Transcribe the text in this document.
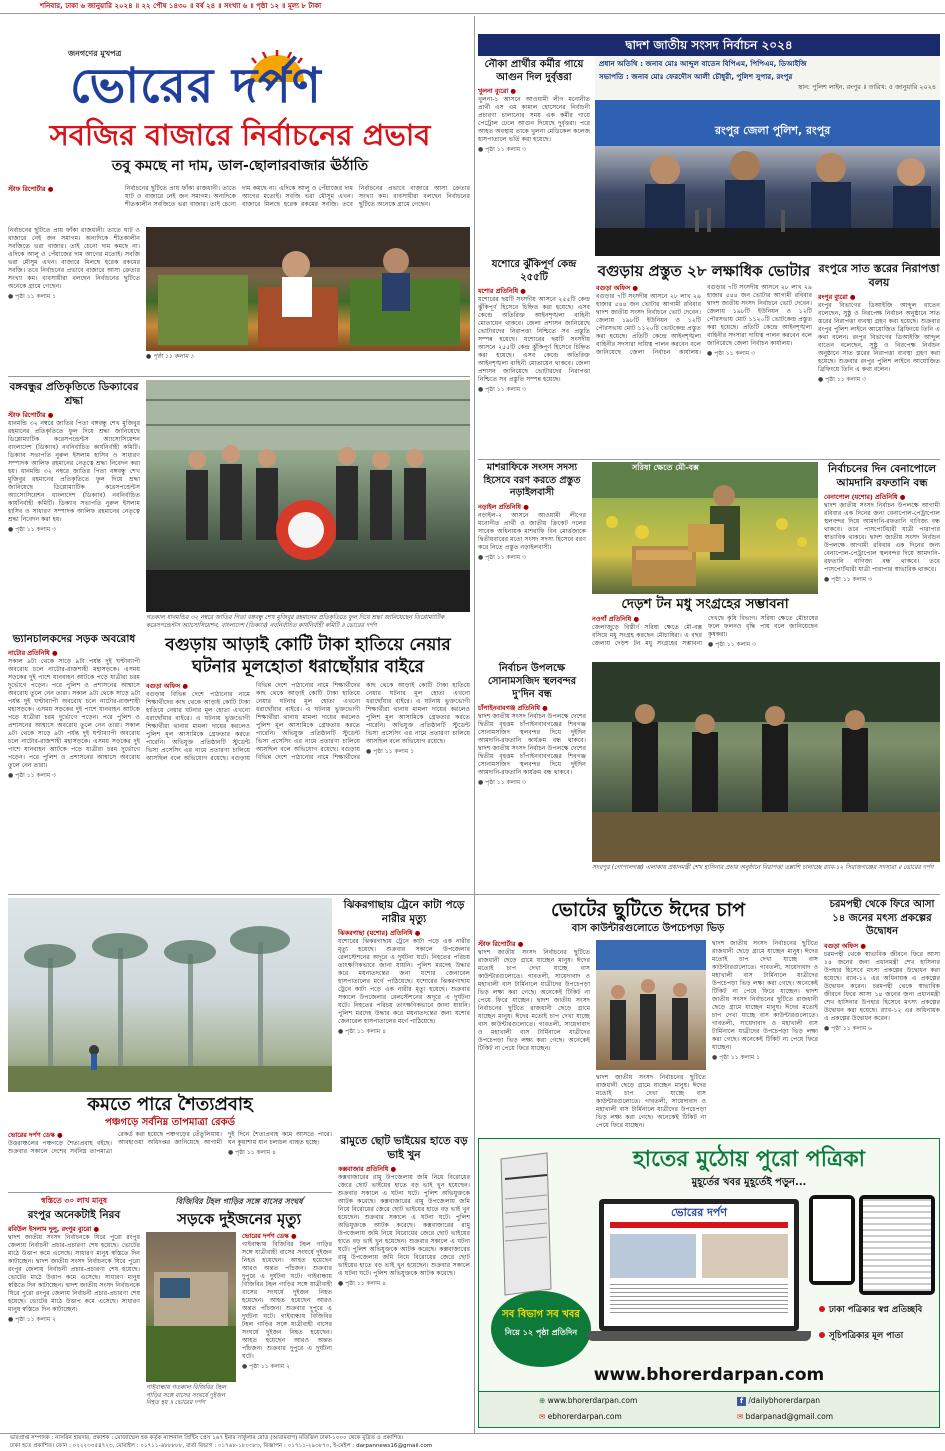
শনিবার, ঢাকা ৬ জানুয়ারি ২০২৪ ॥ ২২ পৌষ ১৪৩০ ॥ বর্ষ ২৪ ॥ সংখ্যা ৬ ॥ পৃষ্ঠা ১২ ॥ মূল্য ৮ টাকা
জনগণের মুখপত্র
ভোরের দর্পণ
সবজির বাজারে নির্বাচনের প্রভাব
তবু কমছে না দাম, ডাল-ছোলারবাজার ঊর্ঠাতি
স্টাফ রিপোর্টার ●	নির্বাচনের ছুটিতে প্রায় ফাঁকা রাজধানী। তাতে ঘাট ও বাজারে নেই জন সমাগম। অন্যদিকে শীতকালীন সবজিতে ভরা বাজার। তাই চেনো দাম কমছে না। এদিকে আলু ও পেঁয়াজের দাম আগের মতোই। সবজি ভরা মৌসুম এখন। বাজারে মিলছে হরেক রকমের সবজি। তবে নির্বাচনের প্রভাবে বাজারে আসা ক্রেতার সংখ্যা কম। ব্যবসায়ীরা বলছেন নির্বাচনের ছুটিতে অনেকে গ্রামে গেছেন।
নির্বাচনের ছুটিতে প্রায় ফাঁকা রাজধানী। তাতে ঘাট ও বাজারে নেই জন সমাগম। অন্যদিকে শীতকালীন সবজিতে ভরা বাজার। তাই চেনো দাম কমছে না। এদিকে আলু ও পেঁয়াজের দাম আগের মতোই। সবজি ভরা মৌসুম এখন। বাজারে মিলছে হরেক রকমের সবজি। তবে নির্বাচনের প্রভাবে বাজারে আসা ক্রেতার সংখ্যা কম। ব্যবসায়ীরা বলছেন নির্বাচনের ছুটিতে অনেকে গ্রামে গেছেন।
● পৃষ্ঠা ১১ কলাম ১
● পৃষ্ঠা ১১ কলাম ১
দ্বাদশ জাতীয় সংসদ নির্বাচন ২০২৪
প্রধান অতিথি : জনাব মোঃ আব্দুল বাতেন বিপিএম, পিপিএম, ডিআইজি
সভাপতি : জনাব মোঃ ফেরদৌস আলী চৌধুরী, পুলিশ সুপার, রংপুর
স্থান: পুলিশ লাইন, রংপুর ॥ তারিখ: ৫ জানুয়ারি ২০২৪
রংপুর জেলা পুলিশ, রংপুর
নৌকা প্রার্থীর কর্মীর গায়ে আগুন দিল দুর্বৃত্তরা
খুলনা ব্যুরো ●
খুলনা-১ আসনে আওয়ামী লীগ মনোনীত প্রার্থী এস এম কামাল হোসেনের নির্বাচনী প্রচারণা চালানোর সময় এক কর্মীর গায়ে পেট্রোল ঢেলে আগুন দিয়েছে দুর্বৃত্তরা। পরে আহত অবস্থায় তাকে খুলনা মেডিকেল কলেজ হাসপাতালে ভর্তি করা হয়েছে।
● পৃষ্ঠা ১১ কলাম ৩
যশোরে ঝুঁকিপূর্ণ কেন্দ্র ২৫৫টি
যশোর প্রতিনিধি ●
যশোরের ছয়টি সংসদীয় আসনে ২৫৫টি কেন্দ্র ঝুঁকিপূর্ণ হিসেবে চিহ্নিত করা হয়েছে। এসব কেন্দ্রে অতিরিক্ত আইনশৃঙ্খলা বাহিনী মোতায়েন থাকবে। জেলা প্রশাসন জানিয়েছে ভোটারদের নিরাপত্তা নিশ্চিতে সব প্রস্তুতি সম্পন্ন হয়েছে। যশোরের ছয়টি সংসদীয় আসনে ২৫৫টি কেন্দ্র ঝুঁকিপূর্ণ হিসেবে চিহ্নিত করা হয়েছে। এসব কেন্দ্রে অতিরিক্ত আইনশৃঙ্খলা বাহিনী মোতায়েন থাকবে। জেলা প্রশাসন জানিয়েছে ভোটারদের নিরাপত্তা নিশ্চিতে সব প্রস্তুতি সম্পন্ন হয়েছে।
● পৃষ্ঠা ১১ কলাম ৩
বগুড়ায় প্রস্তুত ২৮ লক্ষাধিক ভোটার
বগুড়া অফিস ●
বগুড়ার ৭টি সংসদীয় আসনে ২৮ লাখ ২৯ হাজার ৫৪৪ জন ভোটার আগামী রবিবার দ্বাদশ জাতীয় সংসদ নির্বাচনে ভোট দেবেন। জেলায় ১৯৮টি ইউনিয়ন ও ১২টি পৌরসভায় মোট ১১২০টি ভোটকেন্দ্র প্রস্তুত করা হয়েছে। প্রতিটি কেন্দ্রে আইনশৃঙ্খলা বাহিনীর সদস্যরা দায়িত্ব পালন করবেন বলে জানিয়েছে জেলা নির্বাচন কার্যালয়। বগুড়ার ৭টি সংসদীয় আসনে ২৮ লাখ ২৯ হাজার ৫৪৪ জন ভোটার আগামী রবিবার দ্বাদশ জাতীয় সংসদ নির্বাচনে ভোট দেবেন। জেলায় ১৯৮টি ইউনিয়ন ও ১২টি পৌরসভায় মোট ১১২০টি ভোটকেন্দ্র প্রস্তুত করা হয়েছে। প্রতিটি কেন্দ্রে আইনশৃঙ্খলা বাহিনীর সদস্যরা দায়িত্ব পালন করবেন বলে জানিয়েছে জেলা নির্বাচন কার্যালয়।
● পৃষ্ঠা ১১ কলাম ৩
রংপুরে সাত স্তরের নিরাপত্তা বলয়
রংপুর ব্যুরো ●
রংপুর বিভাগের ডিআইজি আব্দুল বাতেন বলেছেন, সুষ্ঠু ও নিরপেক্ষ নির্বাচন অনুষ্ঠানে সাত স্তরের নিরাপত্তা ব্যবস্থা গ্রহণ করা হয়েছে। শুক্রবার রংপুর পুলিশ লাইনে আয়োজিত ব্রিফিংয়ে তিনি এ কথা বলেন। রংপুর বিভাগের ডিআইজি আব্দুল বাতেন বলেছেন, সুষ্ঠু ও নিরপেক্ষ নির্বাচন অনুষ্ঠানে সাত স্তরের নিরাপত্তা ব্যবস্থা গ্রহণ করা হয়েছে। শুক্রবার রংপুর পুলিশ লাইনে আয়োজিত ব্রিফিংয়ে তিনি এ কথা বলেন।
● পৃষ্ঠা ১১ কলাম ৩
বঙ্গবন্ধুর প্রতিকৃতিতে ডিক্যাবের শ্রদ্ধা
স্টাফ রিপোর্টার ●
ধানমন্ডি ৩২ নম্বরে জাতির পিতা বঙ্গবন্ধু শেখ মুজিবুর রহমানের প্রতিকৃতিতে ফুল দিয়ে শ্রদ্ধা জানিয়েছে ডিপ্লোম্যাটিক করেসপন্ডেন্টস অ্যাসোসিয়েশন বাংলাদেশ (ডিক্যাব) নবনির্বাচিত কার্যনির্বাহী কমিটি। ডিক্যাব সভাপতি নুরুল ইসলাম হাসিব ও সাধারণ সম্পাদক আলিফ রহমানের নেতৃত্বে শ্রদ্ধা নিবেদন করা হয়। ধানমন্ডি ৩২ নম্বরে জাতির পিতা বঙ্গবন্ধু শেখ মুজিবুর রহমানের প্রতিকৃতিতে ফুল দিয়ে শ্রদ্ধা জানিয়েছে ডিপ্লোম্যাটিক করেসপন্ডেন্টস অ্যাসোসিয়েশন বাংলাদেশ (ডিক্যাব) নবনির্বাচিত কার্যনির্বাহী কমিটি। ডিক্যাব সভাপতি নুরুল ইসলাম হাসিব ও সাধারণ সম্পাদক আলিফ রহমানের নেতৃত্বে শ্রদ্ধা নিবেদন করা হয়।
● পৃষ্ঠা ১১ কলাম ৩
গতকাল ধানমন্ডির ৩২ নম্বরে জাতির পিতা বঙ্গবন্ধু শেখ মুজিবুর রহমানের প্রতিকৃতিতে ফুল দিয়ে শ্রদ্ধা জানিয়েছেন ডিপ্লোম্যাটিক করেসপন্ডেন্টস অ্যাসোসিয়েশন, বাংলাদেশ (ডিক্যাব) নবনির্বাচিত কার্যনির্বাহী কমিটি ॥ ভোরের দর্পণ
ভ্যানচালকদের সড়ক অবরোধ
নাটোর প্রতিনিধি ●
সকাল ৯টা থেকে সাড়ে ৯টা পর্যন্ত দুই ঘণ্টাব্যাপী অবরোধ চলে নাটোর-রাজশাহী মহাসড়কে। এসময় সড়কের দুই পাশে যানবাহন আটকে পড়ে যাত্রীরা চরম দুর্ভোগে পড়েন। পরে পুলিশ ও প্রশাসনের আশ্বাসে অবরোধ তুলে নেন তারা। সকাল ৯টা থেকে সাড়ে ৯টা পর্যন্ত দুই ঘণ্টাব্যাপী অবরোধ চলে নাটোর-রাজশাহী মহাসড়কে। এসময় সড়কের দুই পাশে যানবাহন আটকে পড়ে যাত্রীরা চরম দুর্ভোগে পড়েন। পরে পুলিশ ও প্রশাসনের আশ্বাসে অবরোধ তুলে নেন তারা। সকাল ৯টা থেকে সাড়ে ৯টা পর্যন্ত দুই ঘণ্টাব্যাপী অবরোধ চলে নাটোর-রাজশাহী মহাসড়কে। এসময় সড়কের দুই পাশে যানবাহন আটকে পড়ে যাত্রীরা চরম দুর্ভোগে পড়েন। পরে পুলিশ ও প্রশাসনের আশ্বাসে অবরোধ তুলে নেন তারা।
● পৃষ্ঠা ১১ কলাম ৩
বগুড়ায় আড়াই কোটি টাকা হাতিয়ে নেয়ার ঘটনার মূলহোতা ধরাছোঁয়ার বাইরে
বগুড়া অফিস ●
বগুড়ায় বিভিন্ন দেশে পাঠানোর নামে শিক্ষার্থীদের কাছ থেকে আড়াই কোটি টাকা হাতিয়ে নেয়ার ঘটনার মূল হোতা এখনো ধরাছোঁয়ার বাইরে। এ ঘটনায় ভুক্তভোগী শিক্ষার্থীরা থানায় মামলা দায়ের করলেও পুলিশ মূল আসামিকে গ্রেফতার করতে পারেনি। অভিযুক্ত প্রতিষ্ঠানটি স্টুডেন্ট ভিসা প্রসেসিং এর নামে প্রতারণা চালিয়ে আসছিল বলে অভিযোগ রয়েছে। বগুড়ায় বিভিন্ন দেশে পাঠানোর নামে শিক্ষার্থীদের কাছ থেকে আড়াই কোটি টাকা হাতিয়ে নেয়ার ঘটনার মূল হোতা এখনো ধরাছোঁয়ার বাইরে। এ ঘটনায় ভুক্তভোগী শিক্ষার্থীরা থানায় মামলা দায়ের করলেও পুলিশ মূল আসামিকে গ্রেফতার করতে পারেনি। অভিযুক্ত প্রতিষ্ঠানটি স্টুডেন্ট ভিসা প্রসেসিং এর নামে প্রতারণা চালিয়ে আসছিল বলে অভিযোগ রয়েছে। বগুড়ায় বিভিন্ন দেশে পাঠানোর নামে শিক্ষার্থীদের কাছ থেকে আড়াই কোটি টাকা হাতিয়ে নেয়ার ঘটনার মূল হোতা এখনো ধরাছোঁয়ার বাইরে। এ ঘটনায় ভুক্তভোগী শিক্ষার্থীরা থানায় মামলা দায়ের করলেও পুলিশ মূল আসামিকে গ্রেফতার করতে পারেনি। অভিযুক্ত প্রতিষ্ঠানটি স্টুডেন্ট ভিসা প্রসেসিং এর নামে প্রতারণা চালিয়ে আসছিল বলে অভিযোগ রয়েছে।
● পৃষ্ঠা ১১ কলাম ১
মাশরাফিকে সংসদ সদস্য হিসেবে বরণ করতে প্রস্তুত নড়াইলবাসী
নড়াইল প্রতিনিধি ●
নড়াইল-২ আসনে আওয়ামী লীগের মনোনীত প্রার্থী ও জাতীয় ক্রিকেট দলের সাবেক অধিনায়ক মাশরাফি বিন মোর্ত্তজাকে দ্বিতীয়বারের মতো সংসদ সদস্য হিসেবে বরণ করে নিতে প্রস্তুত নড়াইলবাসী।
● পৃষ্ঠা ১১ কলাম ৩
সরিষা ক্ষেতে মৌ-বক্স
দেড়শ টন মধু সংগ্রহের সম্ভাবনা
নওগাঁ প্রতিনিধি ●
জেলাজুড়ে বিস্তীর্ণ সরিষা ক্ষেতে মৌ-বক্স বসিয়ে মধু সংগ্রহ করছেন মৌচাষিরা। এ বছর জেলায় দেড়শ টন মধু সংগ্রহের সম্ভাবনা দেখছে কৃষি বিভাগ। সরিষা ক্ষেতে মৌচাষের ফলে ফলনও বৃদ্ধি পায় বলে জানিয়েছেন কৃষকরা।
● পৃষ্ঠা ১১ কলাম ৩
নির্বাচনের দিন বেনাপোলে আমদানি রফতানি বন্ধ
বেনাপোল (যশোর) প্রতিনিধি ●
দ্বাদশ জাতীয় সংসদ নির্বাচন উপলক্ষে আগামী রবিবার এক দিনের জন্য বেনাপোল-পেট্রাপোল স্থলবন্দর দিয়ে আমদানি-রফতানি বাণিজ্য বন্ধ থাকবে। তবে পাসপোর্টধারী যাত্রী পারাপার স্বাভাবিক থাকবে। দ্বাদশ জাতীয় সংসদ নির্বাচন উপলক্ষে আগামী রবিবার এক দিনের জন্য বেনাপোল-পেট্রাপোল স্থলবন্দর দিয়ে আমদানি-রফতানি বাণিজ্য বন্ধ থাকবে। তবে পাসপোর্টধারী যাত্রী পারাপার স্বাভাবিক থাকবে।
● পৃষ্ঠা ১১ কলাম ৩
নির্বাচন উপলক্ষে সোনামসজিদ স্থলবন্দর দু'দিন বন্ধ
চাঁপাইনবাবগঞ্জ প্রতিনিধি ●
দ্বাদশ জাতীয় সংসদ নির্বাচন উপলক্ষে দেশের দ্বিতীয় বৃহত্তম চাঁপাইনবাবগঞ্জের শিবগঞ্জ সোনামসজিদ স্থলবন্দর দিয়ে দুইদিন আমদানি-রফতানি কার্যক্রম বন্ধ থাকবে। দ্বাদশ জাতীয় সংসদ নির্বাচন উপলক্ষে দেশের দ্বিতীয় বৃহত্তম চাঁপাইনবাবগঞ্জের শিবগঞ্জ সোনামসজিদ স্থলবন্দর দিয়ে দুইদিন আমদানি-রফতানি কার্যক্রম বন্ধ থাকবে।
● পৃষ্ঠা ১১ কলাম ৩
সদরপুর (গোপালগঞ্জ) এলাকায় প্রধানমন্ত্রী শেখ হাসিনার প্রচার অনুষ্ঠানে নিরাপত্তা তল্লাশি চালাচ্ছে র‍্যাব-১২ সিরাজগঞ্জের সদস্যরা ॥ ভোরের দর্পণ
কমতে পারে শৈত্যপ্রবাহ
পঞ্চগড়ে সর্বনিম্ন তাপমাত্রা রেকর্ড
ভোরের দর্পণ ডেস্ক ●
উত্তরাঞ্চলের পঞ্চগড়ে শৈত্যপ্রবাহ বইছে। শুক্রবার সকালে দেশের সর্বনিম্ন তাপমাত্রা রেকর্ড করা হয়েছে পঞ্চগড়ের তেঁতুলিয়ায়। আবহাওয়া অধিদপ্তর জানিয়েছে আগামী দুই দিনে শৈত্যপ্রবাহ কমে আসতে পারে। ঘন কুয়াশায় যান চলাচল ব্যাহত হচ্ছে।
● পৃষ্ঠা ১১ কলাম ৪
ঝিকরগাছায় ট্রেনে কাটা পড়ে নারীর মৃত্যু
ঝিকরগাছা (যশোর) প্রতিনিধি ●
যশোরের ঝিকরগাছায় ট্রেনে কাটা পড়ে এক নারীর মৃত্যু হয়েছে। শুক্রবার সকালে উপজেলার রেলস্টেশনের অদূরে এ দুর্ঘটনা ঘটে। নিহতের পরিচয় তাৎক্ষণিকভাবে জানা যায়নি। পুলিশ মরদেহ উদ্ধার করে ময়নাতদন্তের জন্য যশোর জেনারেল হাসপাতালের মর্গে পাঠিয়েছে। যশোরের ঝিকরগাছায় ট্রেনে কাটা পড়ে এক নারীর মৃত্যু হয়েছে। শুক্রবার সকালে উপজেলার রেলস্টেশনের অদূরে এ দুর্ঘটনা ঘটে। নিহতের পরিচয় তাৎক্ষণিকভাবে জানা যায়নি। পুলিশ মরদেহ উদ্ধার করে ময়নাতদন্তের জন্য যশোর জেনারেল হাসপাতালের মর্গে পাঠিয়েছে।
● পৃষ্ঠা ১১ কলাম ৪
ভোটের ছুটিতে ঈদের চাপ
বাস কাউন্টারগুলোতে উপচেপড়া ভিড়
স্টাফ রিপোর্টার ●
দ্বাদশ জাতীয় সংসদ নির্বাচনের ছুটিতে রাজধানী ছেড়ে গ্রামে যাচ্ছেন মানুষ। ঈদের মতোই চাপ দেখা যাচ্ছে বাস কাউন্টারগুলোতে। গাবতলী, সায়েদাবাদ ও মহাখালী বাস টার্মিনালে যাত্রীদের উপচেপড়া ভিড় লক্ষ্য করা গেছে। অনেকেই টিকিট না পেয়ে ফিরে যাচ্ছেন। দ্বাদশ জাতীয় সংসদ নির্বাচনের ছুটিতে রাজধানী ছেড়ে গ্রামে যাচ্ছেন মানুষ। ঈদের মতোই চাপ দেখা যাচ্ছে বাস কাউন্টারগুলোতে। গাবতলী, সায়েদাবাদ ও মহাখালী বাস টার্মিনালে যাত্রীদের উপচেপড়া ভিড় লক্ষ্য করা গেছে। অনেকেই টিকিট না পেয়ে ফিরে যাচ্ছেন।
দ্বাদশ জাতীয় সংসদ নির্বাচনের ছুটিতে রাজধানী ছেড়ে গ্রামে যাচ্ছেন মানুষ। ঈদের মতোই চাপ দেখা যাচ্ছে বাস কাউন্টারগুলোতে। গাবতলী, সায়েদাবাদ ও মহাখালী বাস টার্মিনালে যাত্রীদের উপচেপড়া ভিড় লক্ষ্য করা গেছে। অনেকেই টিকিট না পেয়ে ফিরে যাচ্ছেন। দ্বাদশ জাতীয় সংসদ নির্বাচনের ছুটিতে রাজধানী ছেড়ে গ্রামে যাচ্ছেন মানুষ। ঈদের মতোই চাপ দেখা যাচ্ছে বাস কাউন্টারগুলোতে। গাবতলী, সায়েদাবাদ ও মহাখালী বাস টার্মিনালে যাত্রীদের উপচেপড়া ভিড় লক্ষ্য করা গেছে। অনেকেই টিকিট না পেয়ে ফিরে যাচ্ছেন।
● পৃষ্ঠা ১১ কলাম ১
দ্বাদশ জাতীয় সংসদ নির্বাচনের ছুটিতে রাজধানী ছেড়ে গ্রামে যাচ্ছেন মানুষ। ঈদের মতোই চাপ দেখা যাচ্ছে বাস কাউন্টারগুলোতে। গাবতলী, সায়েদাবাদ ও মহাখালী বাস টার্মিনালে যাত্রীদের উপচেপড়া ভিড় লক্ষ্য করা গেছে। অনেকেই টিকিট না পেয়ে ফিরে যাচ্ছেন।
চরমপন্থী থেকে ফিরে আসা ১৪ জনের মৎস্য প্রকল্পের উদ্বোধন
বগুড়া অফিস ●
চরমপন্থী থেকে স্বাভাবিক জীবনে ফিরে আসা ১৪ জনের জন্য প্রধানমন্ত্রী শেখ হাসিনার উপহার হিসেবে মৎস্য প্রকল্পের উদ্বোধন করা হয়েছে। র‍্যাব-১২ এর অধিনায়ক এ প্রকল্পের উদ্বোধন করেন। চরমপন্থী থেকে স্বাভাবিক জীবনে ফিরে আসা ১৪ জনের জন্য প্রধানমন্ত্রী শেখ হাসিনার উপহার হিসেবে মৎস্য প্রকল্পের উদ্বোধন করা হয়েছে। র‍্যাব-১২ এর অধিনায়ক এ প্রকল্পের উদ্বোধন করেন।
● পৃষ্ঠা ১১ কলাম ৬
স্বস্তিতে ৩০ লাখ মানুষ
রংপুর অনেকটাই নিরব
রবিউল ইসলাম দুলু, রংপুর ব্যুরো ●
দ্বাদশ জাতীয় সংসদ নির্বাচনকে ঘিরে পুরো রংপুর জেলায় নির্বাচনী প্রচার-প্রচারণা শেষ হয়েছে। ভোটের মাঠে উত্তাপ কমে এসেছে। সাধারণ মানুষ স্বস্তিতে দিন কাটাচ্ছেন। দ্বাদশ জাতীয় সংসদ নির্বাচনকে ঘিরে পুরো রংপুর জেলায় নির্বাচনী প্রচার-প্রচারণা শেষ হয়েছে। ভোটের মাঠে উত্তাপ কমে এসেছে। সাধারণ মানুষ স্বস্তিতে দিন কাটাচ্ছেন। দ্বাদশ জাতীয় সংসদ নির্বাচনকে ঘিরে পুরো রংপুর জেলায় নির্বাচনী প্রচার-প্রচারণা শেষ হয়েছে। ভোটের মাঠে উত্তাপ কমে এসেছে। সাধারণ মানুষ স্বস্তিতে দিন কাটাচ্ছেন।
● পৃষ্ঠা ১১ কলাম ২
বিজিবির টহল গাড়ির সঙ্গে বাসের সংঘর্ষ
সড়কে দুইজনের মৃত্যু
গাইবান্ধায় গতকাল বিজিবির টহল গাড়ির সঙ্গে বাসের সংঘর্ষে দুইজন নিহত হয় ॥ ভোরের দর্পণ
ভোরের দর্পণ ডেস্ক ●
গাইবান্ধায় বিজিবির টহল গাড়ির সঙ্গে যাত্রীবাহী বাসের সংঘর্ষে দুইজন নিহত হয়েছেন। আহত হয়েছেন আরও অন্তত পাঁচজন। শুক্রবার দুপুরে এ দুর্ঘটনা ঘটে। গাইবান্ধায় বিজিবির টহল গাড়ির সঙ্গে যাত্রীবাহী বাসের সংঘর্ষে দুইজন নিহত হয়েছেন। আহত হয়েছেন আরও অন্তত পাঁচজন। শুক্রবার দুপুরে এ দুর্ঘটনা ঘটে। গাইবান্ধায় বিজিবির টহল গাড়ির সঙ্গে যাত্রীবাহী বাসের সংঘর্ষে দুইজন নিহত হয়েছেন। আহত হয়েছেন আরও অন্তত পাঁচজন। শুক্রবার দুপুরে এ দুর্ঘটনা ঘটে।
● পৃষ্ঠা ১১ কলাম ২
রামুতে ছোট ভাইয়ের হাতে বড় ভাই খুন
কক্সবাজার প্রতিনিধি ●
কক্সবাজারের রামু উপজেলায় জমি নিয়ে বিরোধের জেরে ছোট ভাইয়ের হাতে বড় ভাই খুন হয়েছেন। শুক্রবার সকালে এ ঘটনা ঘটে। পুলিশ অভিযুক্তকে আটক করেছে। কক্সবাজারের রামু উপজেলায় জমি নিয়ে বিরোধের জেরে ছোট ভাইয়ের হাতে বড় ভাই খুন হয়েছেন। শুক্রবার সকালে এ ঘটনা ঘটে। পুলিশ অভিযুক্তকে আটক করেছে। কক্সবাজারের রামু উপজেলায় জমি নিয়ে বিরোধের জেরে ছোট ভাইয়ের হাতে বড় ভাই খুন হয়েছেন। শুক্রবার সকালে এ ঘটনা ঘটে। পুলিশ অভিযুক্তকে আটক করেছে। কক্সবাজারের রামু উপজেলায় জমি নিয়ে বিরোধের জেরে ছোট ভাইয়ের হাতে বড় ভাই খুন হয়েছেন। শুক্রবার সকালে এ ঘটনা ঘটে। পুলিশ অভিযুক্তকে আটক করেছে।
● পৃষ্ঠা ১১ কলাম ৪
হাতের মুঠোয় পুরো পত্রিকা
মুহূর্তের খবর মুহূর্তেই পড়ুন...
সব বিভাগ সব খবর
নিয়ে ১২ পৃষ্ঠা প্রতিদিন
ভোরের দর্পণ
ঢাকা পত্রিকার স্বপ্ন প্রতিচ্ছবি
সূচিপত্রিকার মূল পাতা
www.bhorerdarpan.com
⊕ www.bhorerdarpan.com	f /dailybhorerdarpan
✉ ebhorerdarpan.com	✉ bdarpanad@gmail.com
ভারপ্রাপ্ত সম্পাদক : নাসরিন হায়দার, প্রকাশক : মোজাম্মেল হক কর্তৃক ন্যাশনাল প্রিন্টিং প্রেস ১৬৭ ইনার সার্কুলার রোড (আরামবাগ) মতিঝিল ঢাকা-১০০০ থেকে মুদ্রিত ও প্রকাশিত।
ঢাকা হতে প্রকাশিত। ফোন : ০২২২৩৩৫৪৭২৩, মোবাইল : ০১৭১১-৬৮৮৮৮৮, বার্তা বিভাগ : ০১৭৬৮-১৮০৩৮৩, বিজ্ঞাপন : ০১৭১১-২৯৩৮৭০, ই-মেইল : darpannews16@gmail.com
